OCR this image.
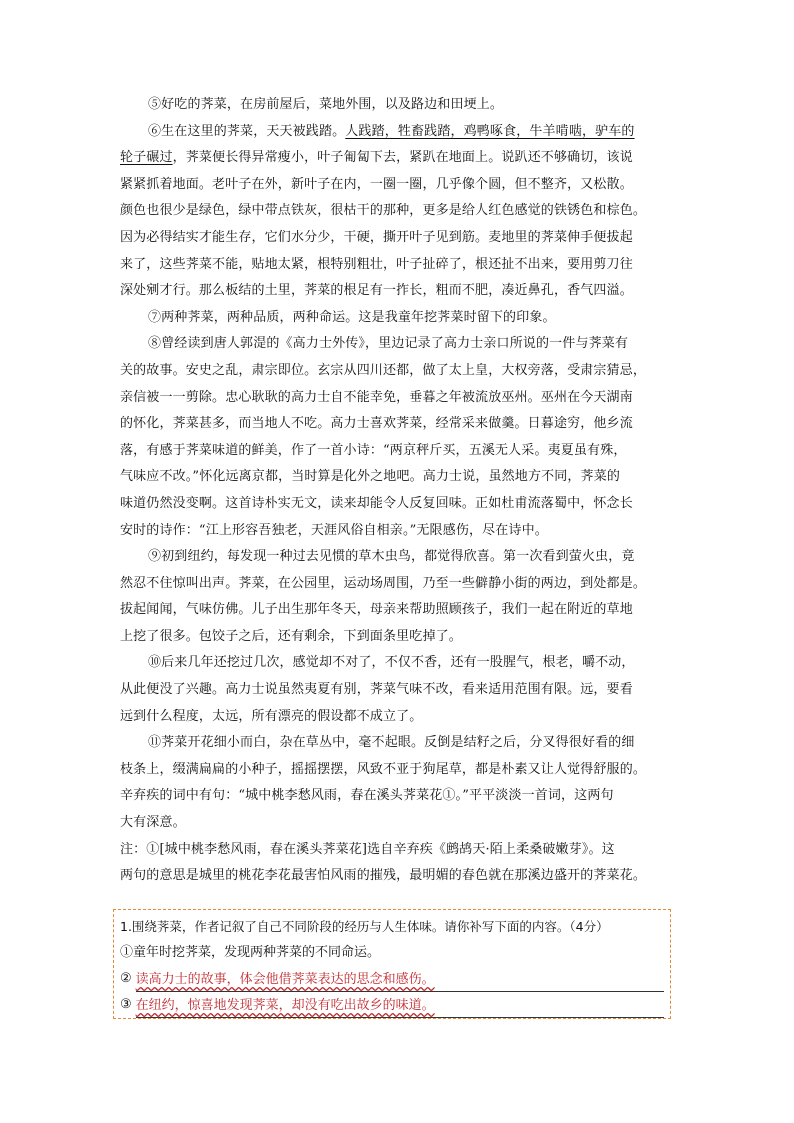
⑤好吃的荠菜，在房前屋后，菜地外围，以及路边和田埂上。
⑥生在这里的荠菜，天天被践踏。人践踏，牲畜践踏，鸡鸭啄食，牛羊啃啮，驴车的
轮子碾过，荠菜便长得异常瘦小，叶子匍匐下去，紧趴在地面上。说趴还不够确切，该说
紧紧抓着地面。老叶子在外，新叶子在内，一圈一圈，几乎像个圆，但不整齐，又松散。
颜色也很少是绿色，绿中带点铁灰，很枯干的那种，更多是给人红色感觉的铁锈色和棕色。
因为必得结实才能生存，它们水分少，干硬，撕开叶子见到筋。麦地里的荠菜伸手便拔起
来了，这些荠菜不能，贴地太紧，根特别粗壮，叶子扯碎了，根还扯不出来，要用剪刀往
深处剜才行。那么板结的土里，荠菜的根足有一拃长，粗而不肥，凑近鼻孔，香气四溢。
⑦两种荠菜，两种品质，两种命运。这是我童年挖荠菜时留下的印象。
⑧曾经读到唐人郭湜的《高力士外传》，里边记录了高力士亲口所说的一件与荠菜有
关的故事。安史之乱，肃宗即位。玄宗从四川还都，做了太上皇，大权旁落，受肃宗猜忌，
亲信被一一剪除。忠心耿耿的高力士自不能幸免，垂暮之年被流放巫州。巫州在今天湖南
的怀化，荠菜甚多，而当地人不吃。高力士喜欢荠菜，经常采来做羹。日暮途穷，他乡流
落，有感于荠菜味道的鲜美，作了一首小诗：“两京秤斤买，五溪无人采。夷夏虽有殊，
气味应不改。”怀化远离京都，当时算是化外之地吧。高力士说，虽然地方不同，荠菜的
味道仍然没变啊。这首诗朴实无文，读来却能令人反复回味。正如杜甫流落蜀中，怀念长
安时的诗作：“江上形容吾独老，天涯风俗自相亲。”无限感伤，尽在诗中。
⑨初到纽约，每发现一种过去见惯的草木虫鸟，都觉得欣喜。第一次看到萤火虫，竟
然忍不住惊叫出声。荠菜，在公园里，运动场周围，乃至一些僻静小街的两边，到处都是。
拔起闻闻，气味仿佛。儿子出生那年冬天，母亲来帮助照顾孩子，我们一起在附近的草地
上挖了很多。包饺子之后，还有剩余，下到面条里吃掉了。
⑩后来几年还挖过几次，感觉却不对了，不仅不香，还有一股腥气，根老，嚼不动，
从此便没了兴趣。高力士说虽然夷夏有别，荠菜气味不改，看来适用范围有限。远，要看
远到什么程度，太远，所有漂亮的假设都不成立了。
⑪荠菜开花细小而白，杂在草丛中，毫不起眼。反倒是结籽之后，分叉得很好看的细
枝条上，缀满扁扁的小种子，摇摇摆摆，风致不亚于狗尾草，都是朴素又让人觉得舒服的。
辛弃疾的词中有句：“城中桃李愁风雨，春在溪头荠菜花①。”平平淡淡一首词，这两句
大有深意。
注：①[城中桃李愁风雨，春在溪头荠菜花]选自辛弃疾《鹧鸪天·陌上柔桑破嫩芽》。这
两句的意思是城里的桃花李花最害怕风雨的摧残，最明媚的春色就在那溪边盛开的荠菜花。
1.围绕荠菜，作者记叙了自己不同阶段的经历与人生体味。请你补写下面的内容。（4分）
①童年时挖荠菜，发现两种荠菜的不同命运。
② 读高力士的故事，体会他借荠菜表达的思念和感伤。
③ 在纽约，惊喜地发现荠菜，却没有吃出故乡的味道。
